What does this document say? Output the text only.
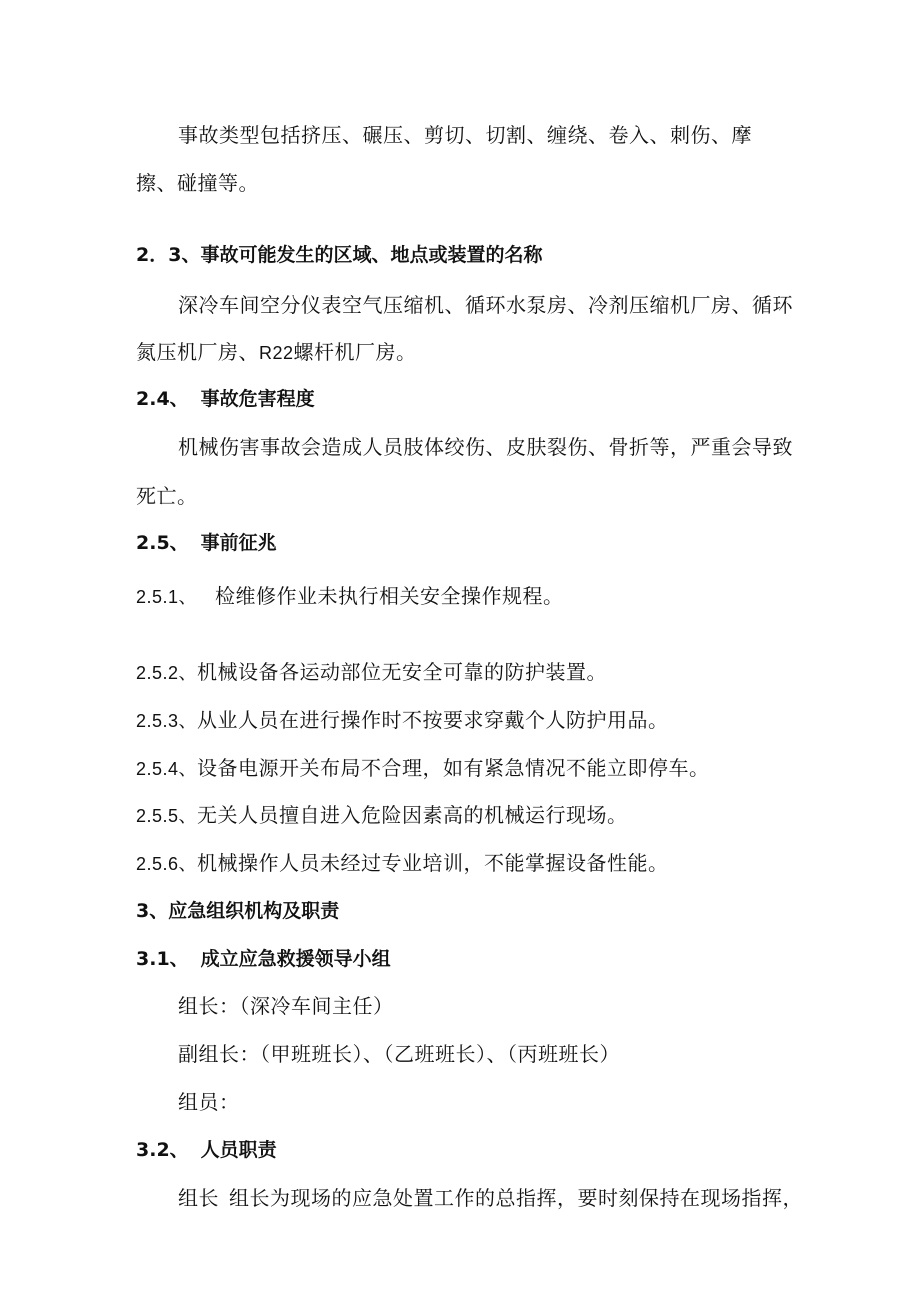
事故类型包括挤压、碾压、剪切、切割、缠绕、卷入、刺伤、摩
擦、碰撞等。
2．3、事故可能发生的区域、地点或装置的名称
深冷车间空分仪表空气压缩机、循环水泵房、冷剂压缩机厂房、循环
氮压机厂房、R22螺杆机厂房。
2.4、 事故危害程度
机械伤害事故会造成人员肢体绞伤、皮肤裂伤、骨折等，严重会导致
死亡。
2.5、 事前征兆
2.5.1、 检维修作业未执行相关安全操作规程。
2.5.2、机械设备各运动部位无安全可靠的防护装置。
2.5.3、从业人员在进行操作时不按要求穿戴个人防护用品。
2.5.4、设备电源开关布局不合理，如有紧急情况不能立即停车。
2.5.5、无关人员擅自进入危险因素高的机械运行现场。
2.5.6、机械操作人员未经过专业培训，不能掌握设备性能。
3、应急组织机构及职责
3.1、 成立应急救援领导小组
组长：（深冷车间主任）
副组长：（甲班班长）、（乙班班长）、（丙班班长）
组员：
3.2、 人员职责
组长 组长为现场的应急处置工作的总指挥，要时刻保持在现场指挥，
